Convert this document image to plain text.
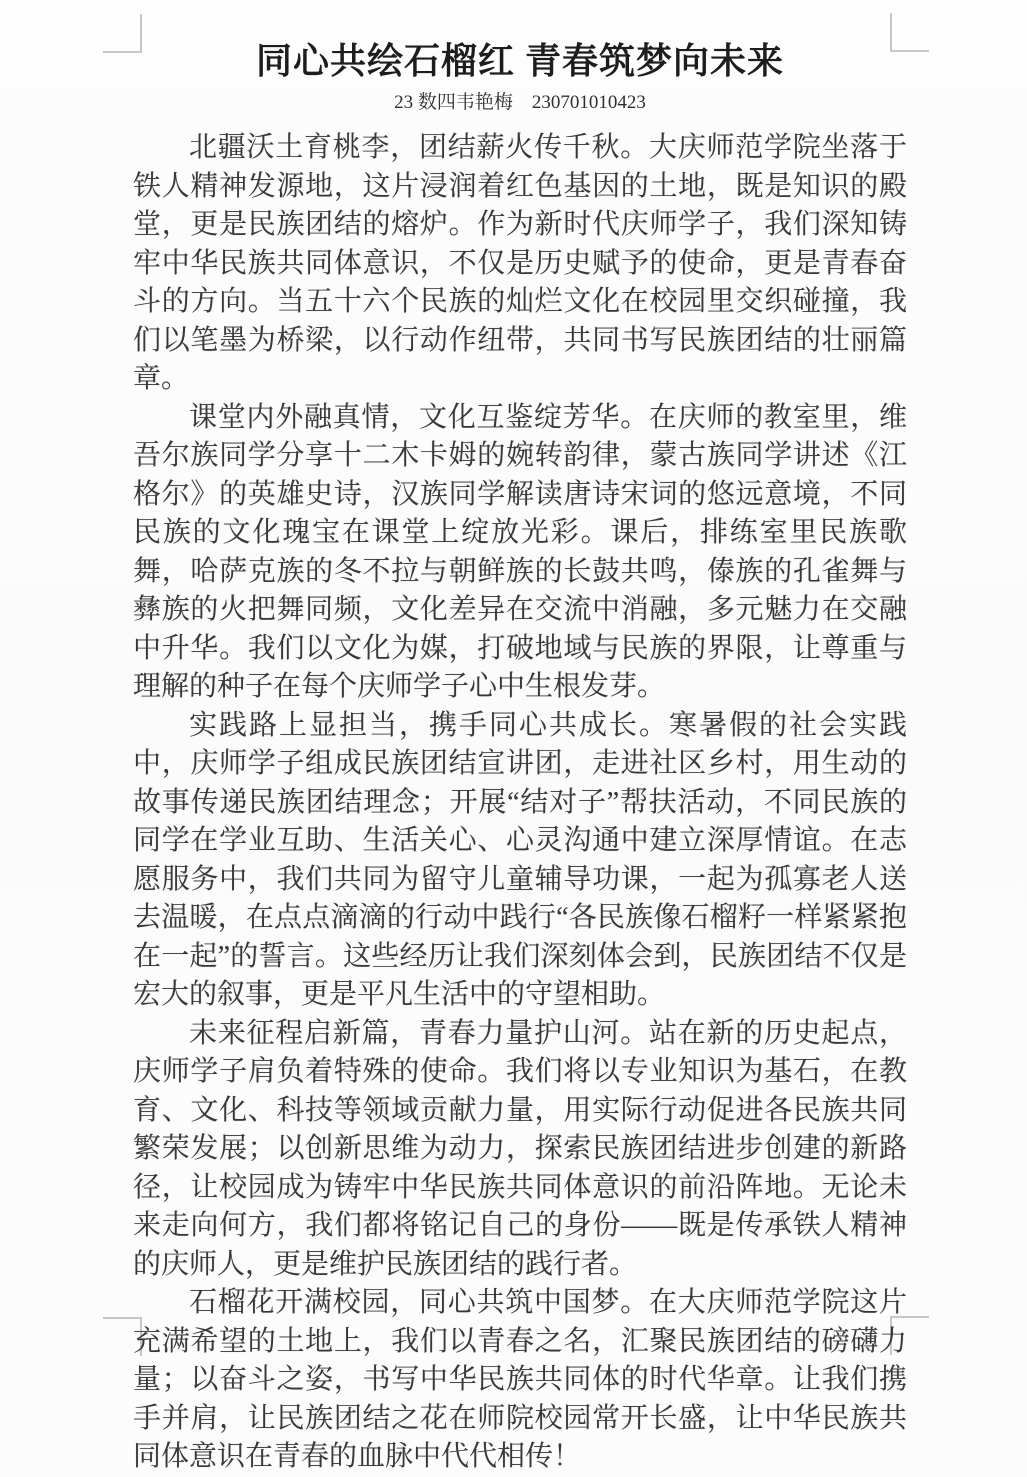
同心共绘石榴红 青春筑梦向未来
23 数四韦艳梅　230701010423

北疆沃土育桃李，团结薪火传千秋。大庆师范学院坐落于铁人精神发源地，这片浸润着红色基因的土地，既是知识的殿堂，更是民族团结的熔炉。作为新时代庆师学子，我们深知铸牢中华民族共同体意识，不仅是历史赋予的使命，更是青春奋斗的方向。当五十六个民族的灿烂文化在校园里交织碰撞，我们以笔墨为桥梁，以行动作纽带，共同书写民族团结的壮丽篇章。

课堂内外融真情，文化互鉴绽芳华。在庆师的教室里，维吾尔族同学分享十二木卡姆的婉转韵律，蒙古族同学讲述《江格尔》的英雄史诗，汉族同学解读唐诗宋词的悠远意境，不同民族的文化瑰宝在课堂上绽放光彩。课后，排练室里民族歌舞，哈萨克族的冬不拉与朝鲜族的长鼓共鸣，傣族的孔雀舞与彝族的火把舞同频，文化差异在交流中消融，多元魅力在交融中升华。我们以文化为媒，打破地域与民族的界限，让尊重与理解的种子在每个庆师学子心中生根发芽。

实践路上显担当，携手同心共成长。寒暑假的社会实践中，庆师学子组成民族团结宣讲团，走进社区乡村，用生动的故事传递民族团结理念；开展“结对子”帮扶活动，不同民族的同学在学业互助、生活关心、心灵沟通中建立深厚情谊。在志愿服务中，我们共同为留守儿童辅导功课，一起为孤寡老人送去温暖，在点点滴滴的行动中践行“各民族像石榴籽一样紧紧抱在一起”的誓言。这些经历让我们深刻体会到，民族团结不仅是宏大的叙事，更是平凡生活中的守望相助。

未来征程启新篇，青春力量护山河。站在新的历史起点，庆师学子肩负着特殊的使命。我们将以专业知识为基石，在教育、文化、科技等领域贡献力量，用实际行动促进各民族共同繁荣发展；以创新思维为动力，探索民族团结进步创建的新路径，让校园成为铸牢中华民族共同体意识的前沿阵地。无论未来走向何方，我们都将铭记自己的身份——既是传承铁人精神的庆师人，更是维护民族团结的践行者。

石榴花开满校园，同心共筑中国梦。在大庆师范学院这片充满希望的土地上，我们以青春之名，汇聚民族团结的磅礴力量；以奋斗之姿，书写中华民族共同体的时代华章。让我们携手并肩，让民族团结之花在师院校园常开长盛，让中华民族共同体意识在青春的血脉中代代相传！
